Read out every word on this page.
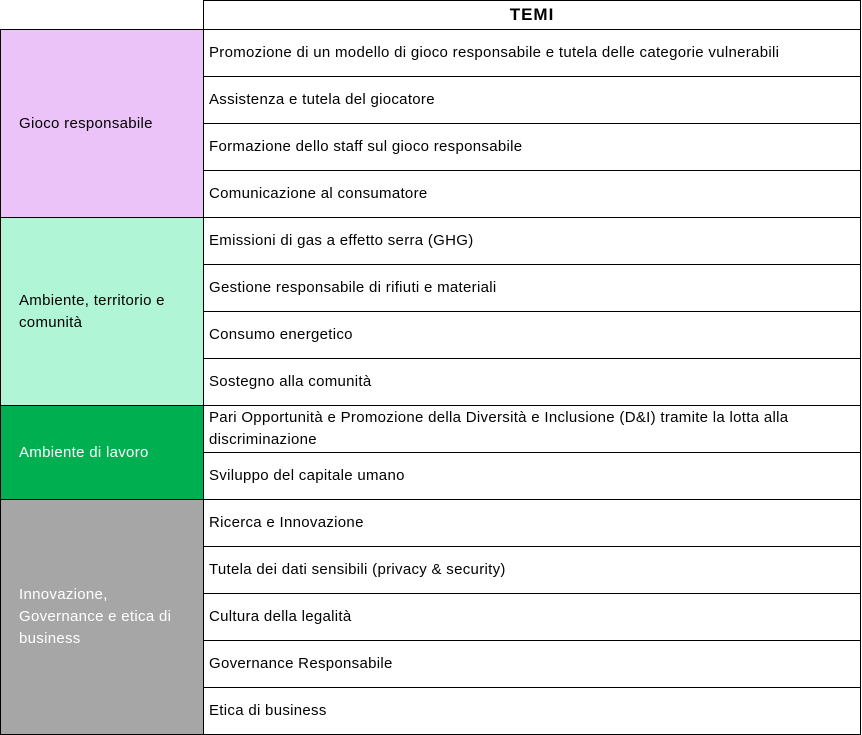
TEMI
Gioco responsabile
Ambiente, territorio e comunità
Ambiente di lavoro
Innovazione, Governance e etica di business
Promozione di un modello di gioco responsabile e tutela delle categorie vulnerabili
Assistenza e tutela del giocatore
Formazione dello staff sul gioco responsabile
Comunicazione al consumatore
Emissioni di gas a effetto serra (GHG)
Gestione responsabile di rifiuti e materiali
Consumo energetico
Sostegno alla comunità
Pari Opportunità e Promozione della Diversità e Inclusione (D&I) tramite la lotta alla discriminazione
Sviluppo del capitale umano
Ricerca e Innovazione
Tutela dei dati sensibili (privacy & security)
Cultura della legalità
Governance Responsabile
Etica di business
